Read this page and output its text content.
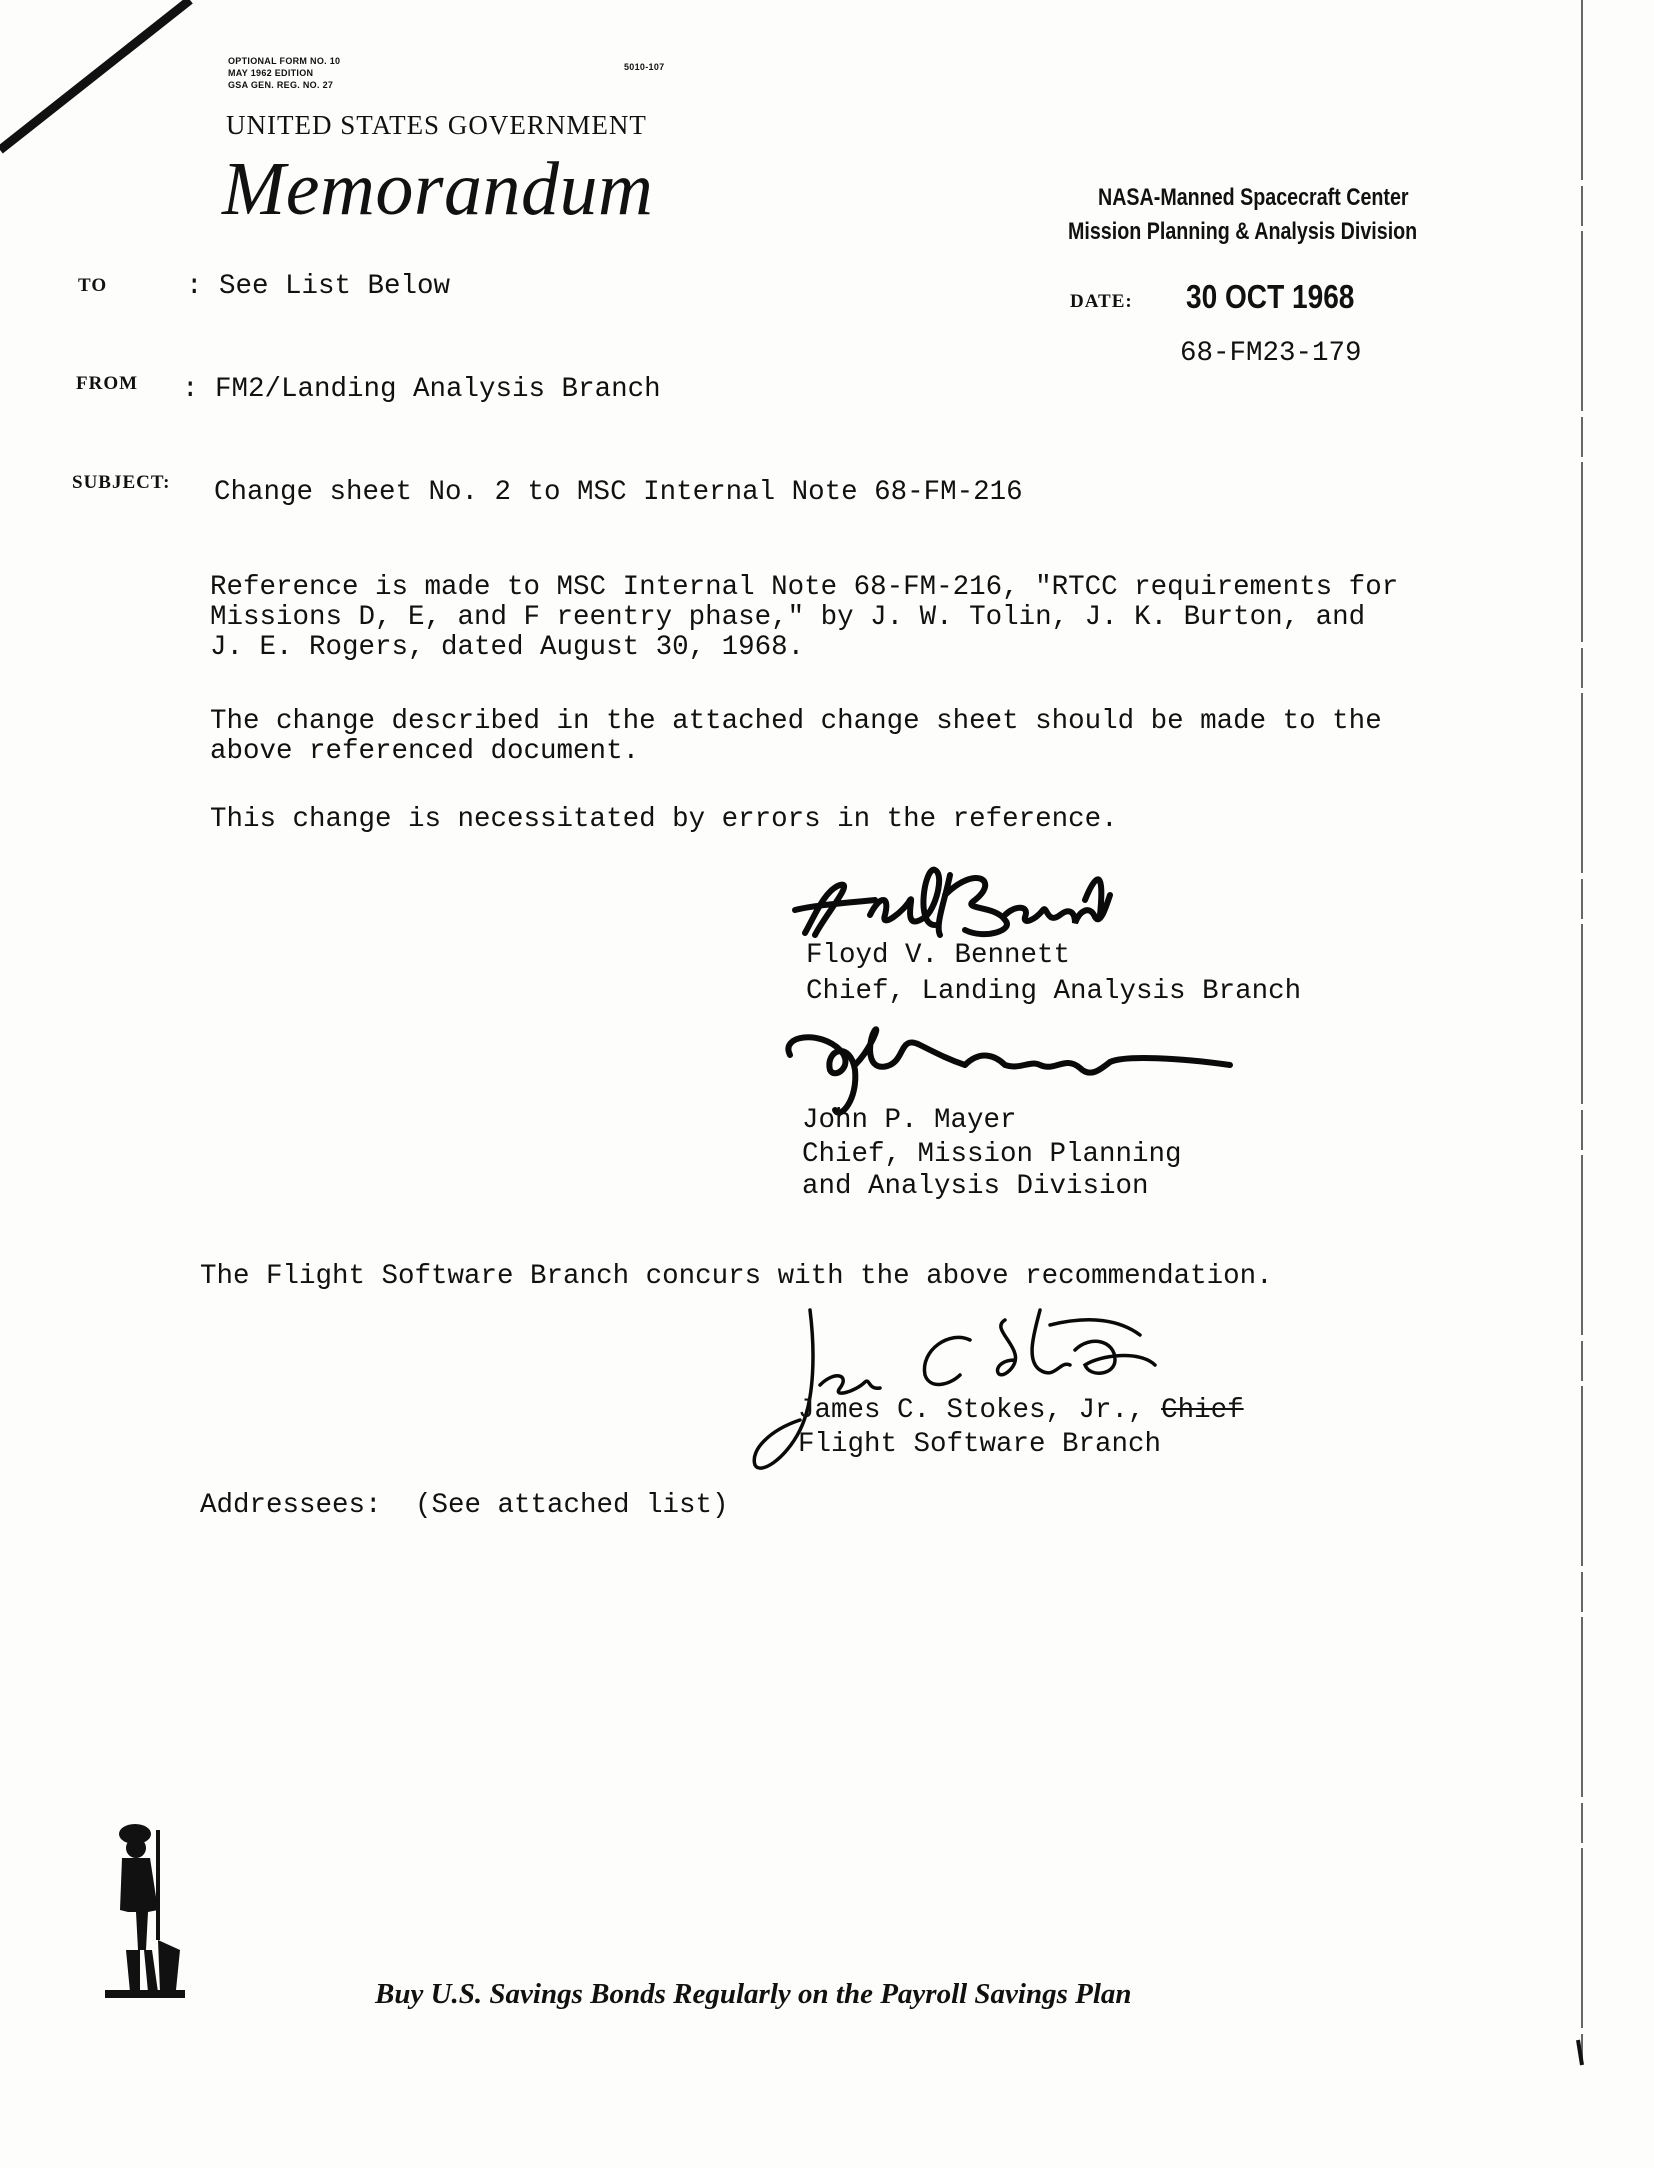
OPTIONAL FORM NO. 10
MAY 1962 EDITION
GSA GEN. REG. NO. 27
5010-107
UNITED STATES GOVERNMENT
Memorandum	NASA-Manned Spacecraft Center
Mission Planning & Analysis Division
TO	: See List Below	DATE: 30 OCT 1968
68-FM23-179
FROM : FM2/Landing Analysis Branch
SUBJECT: Change sheet No. 2 to MSC Internal Note 68-FM-216
Reference is made to MSC Internal Note 68-FM-216, "RTCC requirements for
Missions D, E, and F reentry phase," by J. W. Tolin, J. K. Burton, and
J. E. Rogers, dated August 30, 1968.
The change described in the attached change sheet should be made to the
above referenced document.
This change is necessitated by errors in the reference.
Floyd V. Bennett
Chief, Landing Analysis Branch
John P. Mayer
Chief, Mission Planning
and Analysis Division
The Flight Software Branch concurs with the above recommendation.
James C. Stokes, Jr., Chief
Flight Software Branch
Addressees: (See attached list)
Buy U.S. Savings Bonds Regularly on the Payroll Savings Plan
